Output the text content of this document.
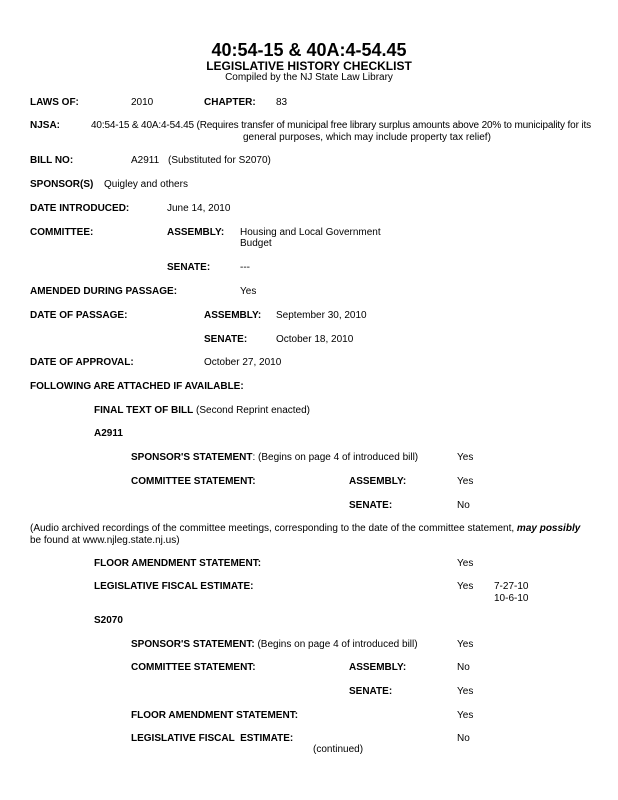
40:54-15 & 40A:4-54.45
LEGISLATIVE HISTORY CHECKLIST
Compiled by the NJ State Law Library
LAWS OF:	2010	CHAPTER: 83
NJSA:	40:54-15 & 40A:4-54.45 (Requires transfer of municipal free library surplus amounts above 20% to municipality for its
general purposes, which may include property tax relief)
BILL NO:	A2911 (Substituted for S2070)
SPONSOR(S) Quigley and others
DATE INTRODUCED:	June 14, 2010
COMMITTEE:	ASSEMBLY: Housing and Local Government
Budget
SENATE:	---
AMENDED DURING PASSAGE:	Yes
DATE OF PASSAGE:	ASSEMBLY: September 30, 2010
SENATE:	October 18, 2010
DATE OF APPROVAL:	October 27, 2010
FOLLOWING ARE ATTACHED IF AVAILABLE:
FINAL TEXT OF BILL (Second Reprint enacted)
A2911
SPONSOR'S STATEMENT: (Begins on page 4 of introduced bill)	Yes
COMMITTEE STATEMENT:	ASSEMBLY:	Yes
SENATE:	No
(Audio archived recordings of the committee meetings, corresponding to the date of the committee statement, may possibly
be found at www.njleg.state.nj.us)
FLOOR AMENDMENT STATEMENT:	Yes
LEGISLATIVE FISCAL ESTIMATE:	Yes 7-27-10
10-6-10
S2070
SPONSOR'S STATEMENT: (Begins on page 4 of introduced bill)	Yes
COMMITTEE STATEMENT:	ASSEMBLY:	No
SENATE:	Yes
FLOOR AMENDMENT STATEMENT:	Yes
LEGISLATIVE FISCAL  ESTIMATE:	No
(continued)
